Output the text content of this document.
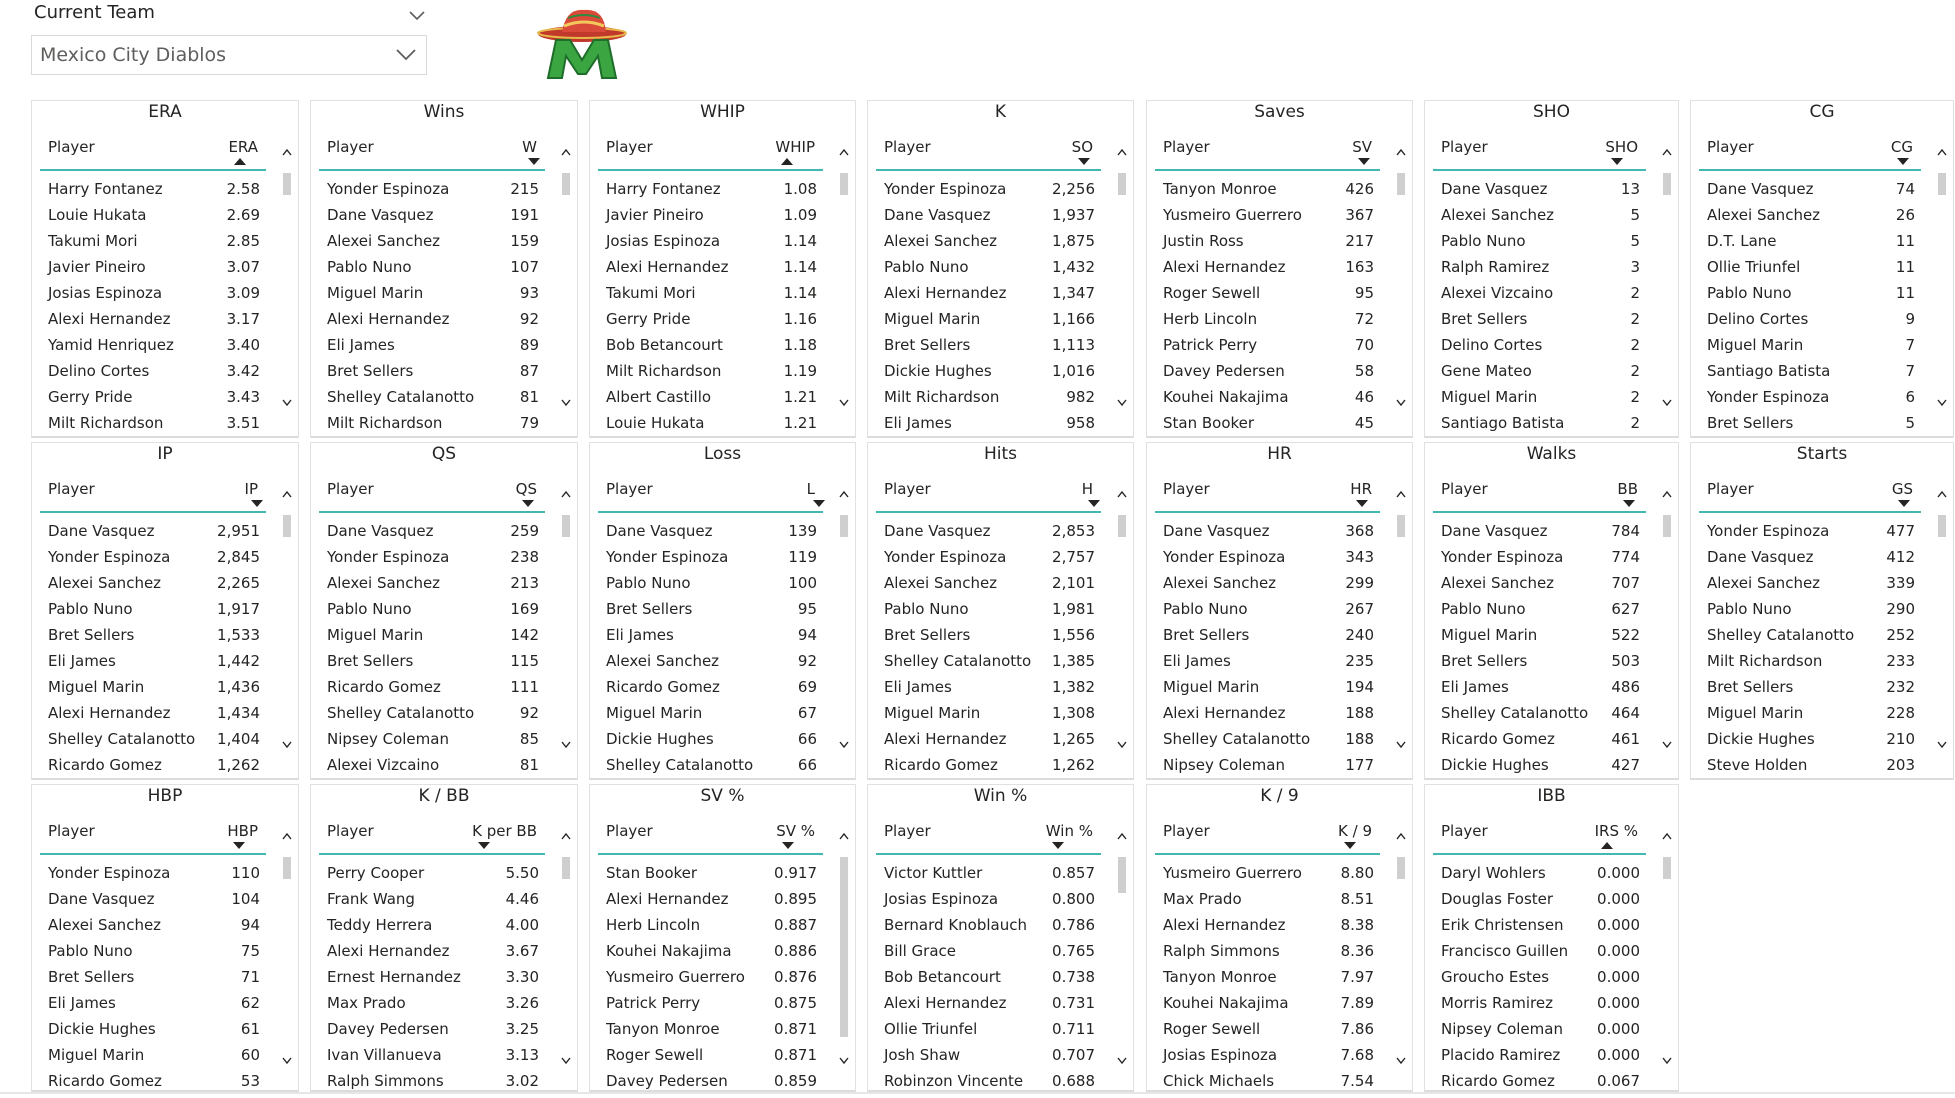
Current Team
Mexico City Diablos
ERA
Player	ERA
Harry Fontanez	2.58
Louie Hukata	2.69
Takumi Mori	2.85
Javier Pineiro	3.07
Josias Espinoza	3.09
Alexi Hernandez	3.17
Yamid Henriquez	3.40
Delino Cortes	3.42
Gerry Pride	3.43
Milt Richardson	3.51
Wins
Player	W
Yonder Espinoza	215
Dane Vasquez	191
Alexei Sanchez	159
Pablo Nuno	107
Miguel Marin	93
Alexi Hernandez	92
Eli James	89
Bret Sellers	87
Shelley Catalanotto	81
Milt Richardson	79
WHIP
Player	WHIP
Harry Fontanez	1.08
Javier Pineiro	1.09
Josias Espinoza	1.14
Alexi Hernandez	1.14
Takumi Mori	1.14
Gerry Pride	1.16
Bob Betancourt	1.18
Milt Richardson	1.19
Albert Castillo	1.21
Louie Hukata	1.21
K
Player	SO
Yonder Espinoza	2,256
Dane Vasquez	1,937
Alexei Sanchez	1,875
Pablo Nuno	1,432
Alexi Hernandez	1,347
Miguel Marin	1,166
Bret Sellers	1,113
Dickie Hughes	1,016
Milt Richardson	982
Eli James	958
Saves
Player	SV
Tanyon Monroe	426
Yusmeiro Guerrero	367
Justin Ross	217
Alexi Hernandez	163
Roger Sewell	95
Herb Lincoln	72
Patrick Perry	70
Davey Pedersen	58
Kouhei Nakajima	46
Stan Booker	45
SHO
Player	SHO
Dane Vasquez	13
Alexei Sanchez	5
Pablo Nuno	5
Ralph Ramirez	3
Alexei Vizcaino	2
Bret Sellers	2
Delino Cortes	2
Gene Mateo	2
Miguel Marin	2
Santiago Batista	2
CG
Player	CG
Dane Vasquez	74
Alexei Sanchez	26
D.T. Lane	11
Ollie Triunfel	11
Pablo Nuno	11
Delino Cortes	9
Miguel Marin	7
Santiago Batista	7
Yonder Espinoza	6
Bret Sellers	5
IP
Player	IP
Dane Vasquez	2,951
Yonder Espinoza	2,845
Alexei Sanchez	2,265
Pablo Nuno	1,917
Bret Sellers	1,533
Eli James	1,442
Miguel Marin	1,436
Alexi Hernandez	1,434
Shelley Catalanotto 1,404
Ricardo Gomez	1,262
QS
Player	QS
Dane Vasquez	259
Yonder Espinoza	238
Alexei Sanchez	213
Pablo Nuno	169
Miguel Marin	142
Bret Sellers	115
Ricardo Gomez	111
Shelley Catalanotto	92
Nipsey Coleman	85
Alexei Vizcaino	81
Loss
Player	L
Dane Vasquez	139
Yonder Espinoza	119
Pablo Nuno	100
Bret Sellers	95
Eli James	94
Alexei Sanchez	92
Ricardo Gomez	69
Miguel Marin	67
Dickie Hughes	66
Shelley Catalanotto	66
Hits
Player	H
Dane Vasquez	2,853
Yonder Espinoza	2,757
Alexei Sanchez	2,101
Pablo Nuno	1,981
Bret Sellers	1,556
Shelley Catalanotto 1,385
Eli James	1,382
Miguel Marin	1,308
Alexi Hernandez	1,265
Ricardo Gomez	1,262
HR
Player	HR
Dane Vasquez	368
Yonder Espinoza	343
Alexei Sanchez	299
Pablo Nuno	267
Bret Sellers	240
Eli James	235
Miguel Marin	194
Alexi Hernandez	188
Shelley Catalanotto 188
Nipsey Coleman	177
Walks
Player	BB
Dane Vasquez	784
Yonder Espinoza	774
Alexei Sanchez	707
Pablo Nuno	627
Miguel Marin	522
Bret Sellers	503
Eli James	486
Shelley Catalanotto 464
Ricardo Gomez	461
Dickie Hughes	427
Starts
Player	GS
Yonder Espinoza	477
Dane Vasquez	412
Alexei Sanchez	339
Pablo Nuno	290
Shelley Catalanotto 252
Milt Richardson	233
Bret Sellers	232
Miguel Marin	228
Dickie Hughes	210
Steve Holden	203
HBP
Player	HBP
Yonder Espinoza	110
Dane Vasquez	104
Alexei Sanchez	94
Pablo Nuno	75
Bret Sellers	71
Eli James	62
Dickie Hughes	61
Miguel Marin	60
Ricardo Gomez	53
K / BB
Player	K per BB
Perry Cooper	5.50
Frank Wang	4.46
Teddy Herrera	4.00
Alexi Hernandez	3.67
Ernest Hernandez	3.30
Max Prado	3.26
Davey Pedersen	3.25
Ivan Villanueva	3.13
Ralph Simmons	3.02
SV %
Player	SV %
Stan Booker	0.917
Alexi Hernandez	0.895
Herb Lincoln	0.887
Kouhei Nakajima	0.886
Yusmeiro Guerrero 0.876
Patrick Perry	0.875
Tanyon Monroe	0.871
Roger Sewell	0.871
Davey Pedersen	0.859
Win %
Player	Win %
Victor Kuttler	0.857
Josias Espinoza	0.800
Bernard Knoblauch 0.786
Bill Grace	0.765
Bob Betancourt	0.738
Alexi Hernandez	0.731
Ollie Triunfel	0.711
Josh Shaw	0.707
Robinzon Vincente 0.688
K / 9
Player	K / 9
Yusmeiro Guerrero	8.80
Max Prado	8.51
Alexi Hernandez	8.38
Ralph Simmons	8.36
Tanyon Monroe	7.97
Kouhei Nakajima	7.89
Roger Sewell	7.86
Josias Espinoza	7.68
Chick Michaels	7.54
IBB
Player	IRS %
Daryl Wohlers	0.000
Douglas Foster	0.000
Erik Christensen 0.000
Francisco Guillen 0.000
Groucho Estes	0.000
Morris Ramirez	0.000
Nipsey Coleman 0.000
Placido Ramirez 0.000
Ricardo Gomez	0.067
